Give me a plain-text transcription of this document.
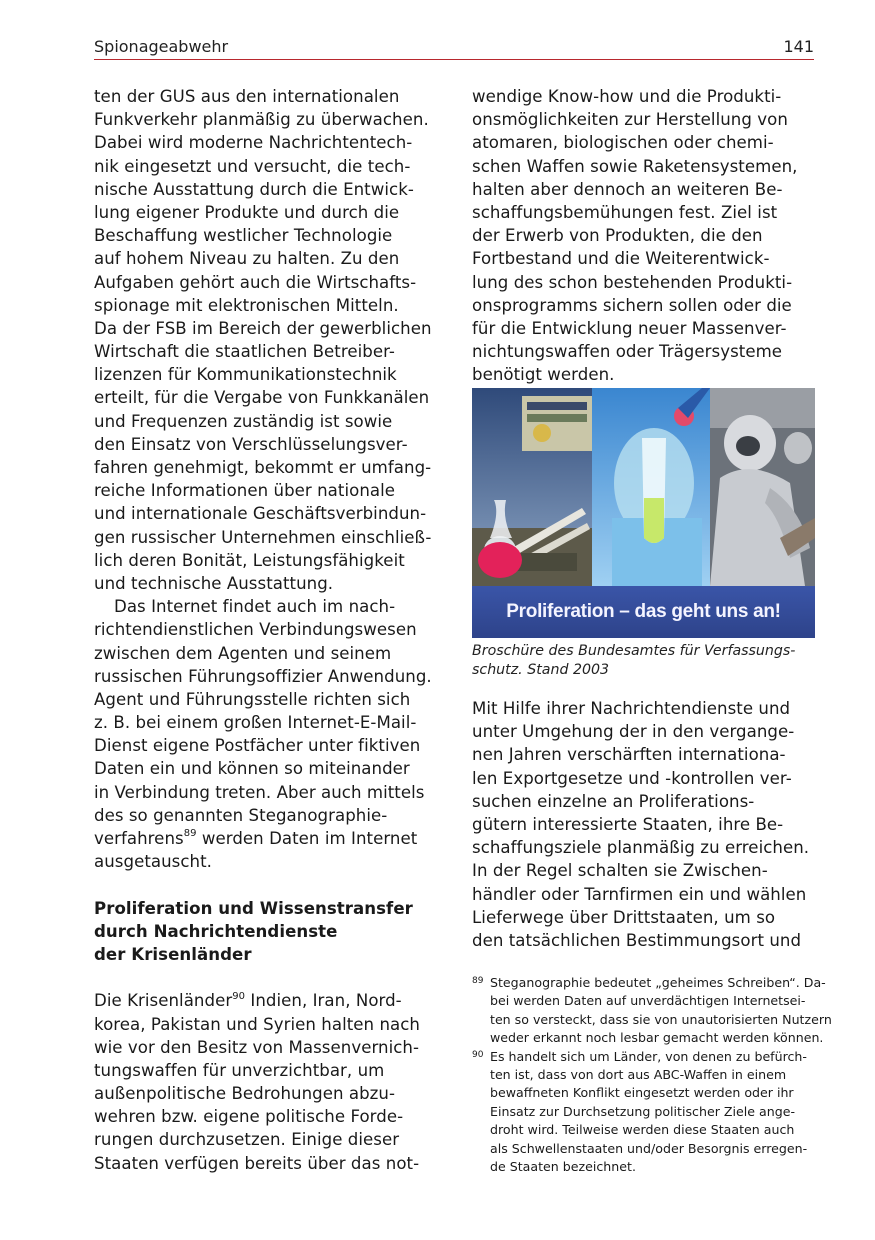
Spionageabwehr	141
ten der GUS aus den internationalen
Funkverkehr planmäßig zu überwachen.
Dabei wird moderne Nachrichtentech-
nik eingesetzt und versucht, die tech-
nische Ausstattung durch die Entwick-
lung eigener Produkte und durch die
Beschaffung westlicher Technologie
auf hohem Niveau zu halten. Zu den
Aufgaben gehört auch die Wirtschafts-
spionage mit elektronischen Mitteln.
Da der FSB im Bereich der gewerblichen
Wirtschaft die staatlichen Betreiber-
lizenzen für Kommunikationstechnik
erteilt, für die Vergabe von Funkkanälen
und Frequenzen zuständig ist sowie
den Einsatz von Verschlüsselungsver-
fahren genehmigt, bekommt er umfang-
reiche Informationen über nationale
und internationale Geschäftsverbindun-
gen russischer Unternehmen einschließ-
lich deren Bonität, Leistungsfähigkeit
und technische Ausstattung.
Das Internet findet auch im nach-
richtendienstlichen Verbindungswesen
zwischen dem Agenten und seinem
russischen Führungsoffizier Anwendung.
Agent und Führungsstelle richten sich
z. B. bei einem großen Internet-E-Mail-
Dienst eigene Postfächer unter fiktiven
Daten ein und können so miteinander
in Verbindung treten. Aber auch mittels
des so genannten Steganographie-
verfahrens$^{89}$ werden Daten im Internet
ausgetauscht.
Proliferation und Wissenstransfer
durch Nachrichtendienste
der Krisenländer
Die Krisenländer$^{90}$ Indien, Iran, Nord-
korea, Pakistan und Syrien halten nach
wie vor den Besitz von Massenvernich-
tungswaffen für unverzichtbar, um
außenpolitische Bedrohungen abzu-
wehren bzw. eigene politische Forde-
rungen durchzusetzen. Einige dieser
Staaten verfügen bereits über das not-
wendige Know-how und die Produkti-
onsmöglichkeiten zur Herstellung von
atomaren, biologischen oder chemi-
schen Waffen sowie Raketensystemen,
halten aber dennoch an weiteren Be-
schaffungsbemühungen fest. Ziel ist
der Erwerb von Produkten, die den
Fortbestand und die Weiterentwick-
lung des schon bestehenden Produkti-
onsprogramms sichern sollen oder die
für die Entwicklung neuer Massenver-
nichtungswaffen oder Trägersysteme
benötigt werden.
Proliferation – das geht uns an!
Broschüre des Bundesamtes für Verfassungs-
schutz. Stand 2003
Mit Hilfe ihrer Nachrichtendienste und
unter Umgehung der in den vergange-
nen Jahren verschärften internationa-
len Exportgesetze und -kontrollen ver-
suchen einzelne an Proliferations-
gütern interessierte Staaten, ihre Be-
schaffungsziele planmäßig zu erreichen.
In der Regel schalten sie Zwischen-
händler oder Tarnfirmen ein und wählen
Lieferwege über Drittstaaten, um so
den tatsächlichen Bestimmungsort und
89 Steganographie bedeutet „geheimes Schreiben“. Da-
bei werden Daten auf unverdächtigen Internetsei-
ten so versteckt, dass sie von unautorisierten Nutzern
weder erkannt noch lesbar gemacht werden können.
90 Es handelt sich um Länder, von denen zu befürch-
ten ist, dass von dort aus ABC-Waffen in einem
bewaffneten Konflikt eingesetzt werden oder ihr
Einsatz zur Durchsetzung politischer Ziele ange-
droht wird. Teilweise werden diese Staaten auch
als Schwellenstaaten und/oder Besorgnis erregen-
de Staaten bezeichnet.
